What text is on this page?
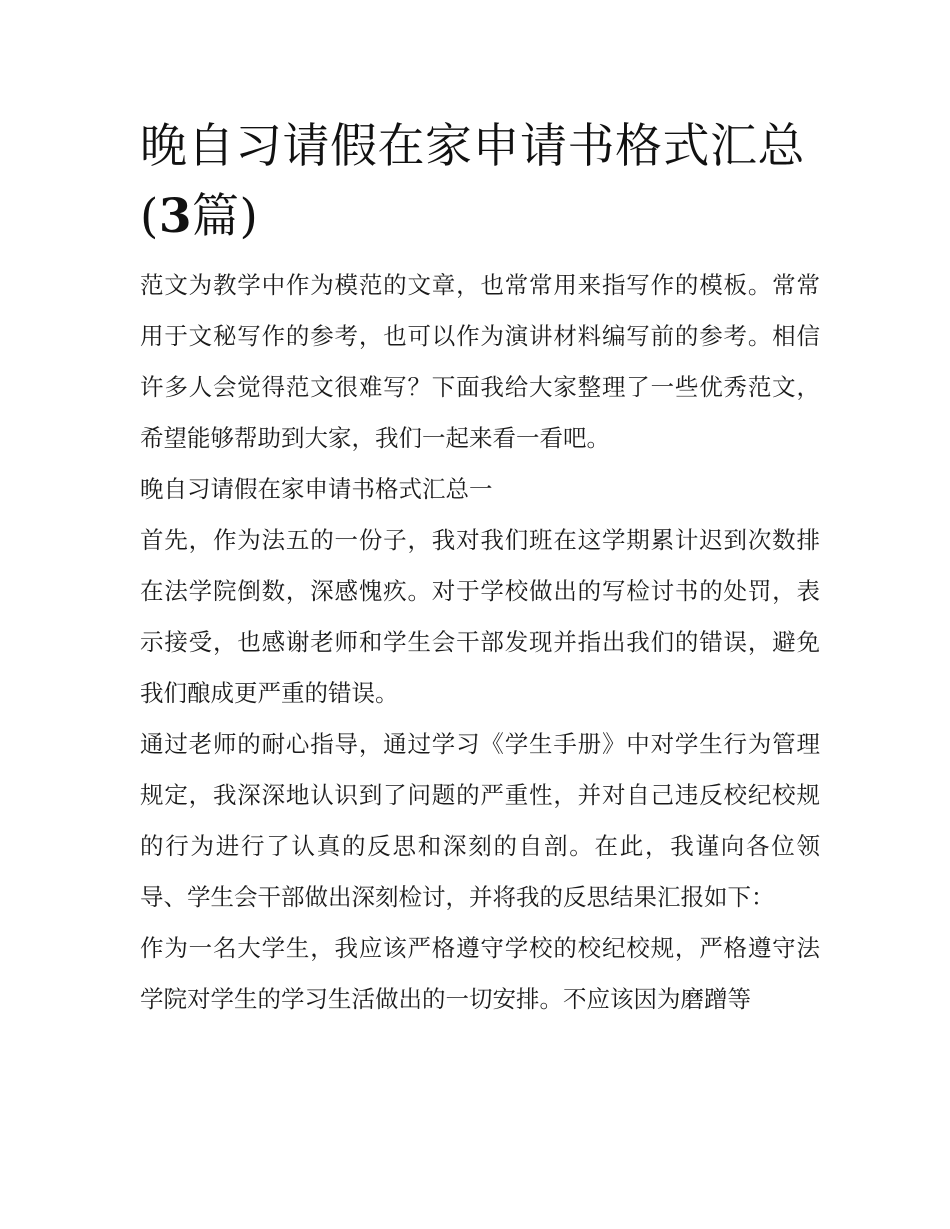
晚自习请假在家申请书格式汇总(3篇)

范文为教学中作为模范的文章，也常常用来指写作的模板。常常用于文秘写作的参考，也可以作为演讲材料编写前的参考。相信许多人会觉得范文很难写？下面我给大家整理了一些优秀范文，希望能够帮助到大家，我们一起来看一看吧。

晚自习请假在家申请书格式汇总一

首先，作为法五的一份子，我对我们班在这学期累计迟到次数排在法学院倒数，深感愧疚。对于学校做出的写检讨书的处罚，表示接受，也感谢老师和学生会干部发现并指出我们的错误，避免我们酿成更严重的错误。

通过老师的耐心指导，通过学习《学生手册》中对学生行为管理规定，我深深地认识到了问题的严重性，并对自己违反校纪校规的行为进行了认真的反思和深刻的自剖。在此，我谨向各位领导、学生会干部做出深刻检讨，并将我的反思结果汇报如下：

作为一名大学生，我应该严格遵守学校的校纪校规，严格遵守法学院对学生的学习生活做出的一切安排。不应该因为磨蹭等
